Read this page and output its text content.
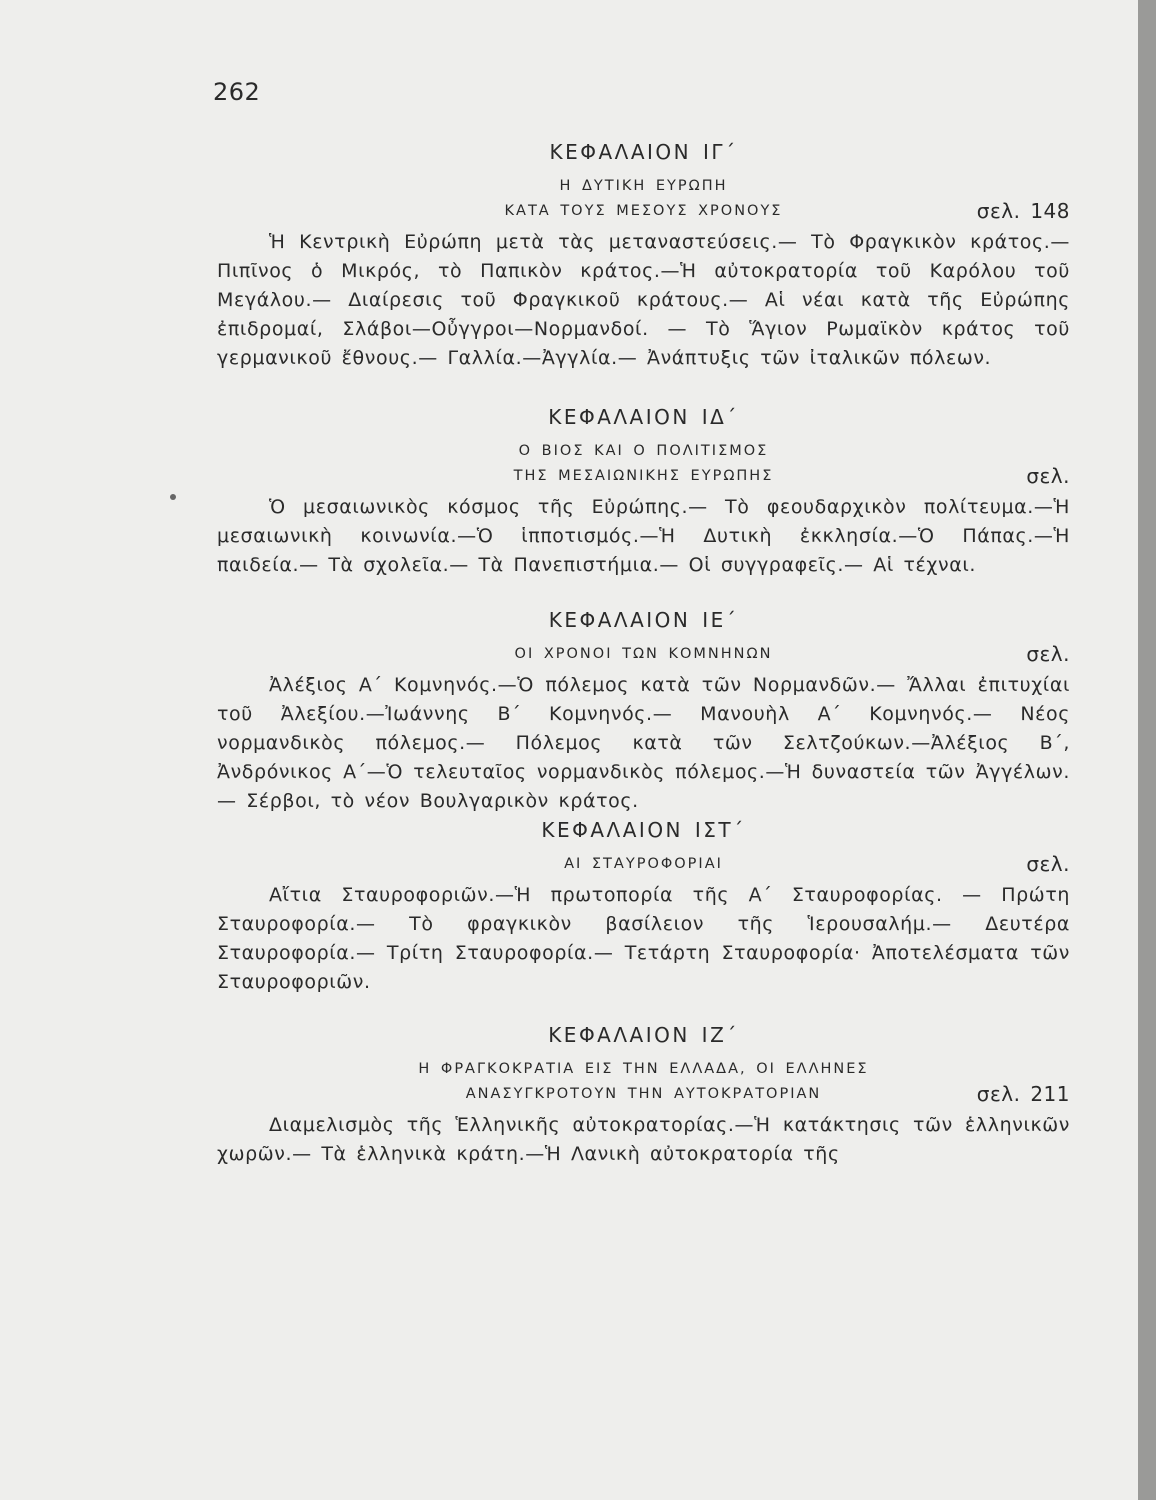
262
ΚΕΦΑΛΑΙΟΝ ΙΓ΄
Η ΔΥΤΙΚΗ ΕΥΡΩΠΗ
ΚΑΤΑ ΤΟΥΣ ΜΕΣΟΥΣ ΧΡΟΝΟΥΣ	σελ. 148

Ἡ Κεντρικὴ Εὐρώπη μετὰ τὰς μεταναστεύσεις.— Τὸ Φραγκικὸν κράτος.— Πιπῖνος ὁ Μικρός, τὸ Παπικὸν κράτος.—Ἡ αὐτοκρατορία τοῦ Καρόλου τοῦ Μεγάλου.— Διαίρεσις τοῦ Φραγκικοῦ κράτους.— Αἱ νέαι κατὰ τῆς Εὐρώπης ἐπιδρομαί, Σλάβοι—Οὖγγροι—Νορμανδοί. — Τὸ Ἅγιον Ρωμαϊκὸν κράτος τοῦ γερμανικοῦ ἔθνους.— Γαλλία.—Ἀγγλία.— Ἀνάπτυξις τῶν ἰταλικῶν πόλεων.

ΚΕΦΑΛΑΙΟΝ ΙΔ΄
Ο ΒΙΟΣ ΚΑΙ Ο ΠΟΛΙΤΙΣΜΟΣ
ΤΗΣ ΜΕΣΑΙΩΝΙΚΗΣ ΕΥΡΩΠΗΣ	σελ.

Ὁ μεσαιωνικὸς κόσμος τῆς Εὐρώπης.— Τὸ φεουδαρχικὸν πολίτευμα.—Ἡ μεσαιωνικὴ κοινωνία.—Ὁ ἱπποτισμός.—Ἡ Δυτικὴ ἐκκλησία.—Ὁ Πάπας.—Ἡ παιδεία.— Τὰ σχολεῖα.— Τὰ Πανεπιστήμια.— Οἱ συγγραφεῖς.— Αἱ τέχναι.

ΚΕΦΑΛΑΙΟΝ ΙΕ΄
ΟΙ ΧΡΟΝΟΙ ΤΩΝ ΚΟΜΝΗΝΩΝ	σελ.

Ἀλέξιος Α΄ Κομνηνός.—Ὁ πόλεμος κατὰ τῶν Νορμανδῶν.— Ἄλλαι ἐπιτυχίαι τοῦ Ἀλεξίου.—Ἰωάννης Β΄ Κομνηνός.— Μανουὴλ Α΄ Κομνηνός.— Νέος νορμανδικὸς πόλεμος.— Πόλεμος κατὰ τῶν Σελτζούκων.—Ἀλέξιος Β΄, Ἀνδρόνικος Α΄—Ὁ τελευταῖος νορμανδικὸς πόλεμος.—Ἡ δυναστεία τῶν Ἀγγέλων.— Σέρβοι, τὸ νέον Βουλγαρικὸν κράτος.

ΚΕΦΑΛΑΙΟΝ ΙΣΤ΄
ΑΙ ΣΤΑΥΡΟΦΟΡΙΑΙ	σελ.

Αἴτια Σταυροφοριῶν.—Ἡ πρωτοπορία τῆς Α΄ Σταυροφορίας. — Πρώτη Σταυροφορία.— Τὸ φραγκικὸν βασίλειον τῆς Ἱερουσαλήμ.— Δευτέρα Σταυροφορία.— Τρίτη Σταυροφορία.— Τετάρτη Σταυροφορία· Ἀποτελέσματα τῶν Σταυροφοριῶν.

ΚΕΦΑΛΑΙΟΝ ΙΖ΄
Η ΦΡΑΓΚΟΚΡΑΤΙΑ ΕΙΣ ΤΗΝ ΕΛΛΑΔΑ, ΟΙ ΕΛΛΗΝΕΣ
ΑΝΑΣΥΓΚΡΟΤΟΥΝ ΤΗΝ ΑΥΤΟΚΡΑΤΟΡΙΑΝ	σελ. 211

Διαμελισμὸς τῆς Ἑλληνικῆς αὐτοκρατορίας.—Ἡ κατάκτησις τῶν ἑλληνικῶν χωρῶν.— Τὰ ἑλληνικὰ κράτη.—Ἡ Λανικὴ αὐτοκρατορία τῆς
